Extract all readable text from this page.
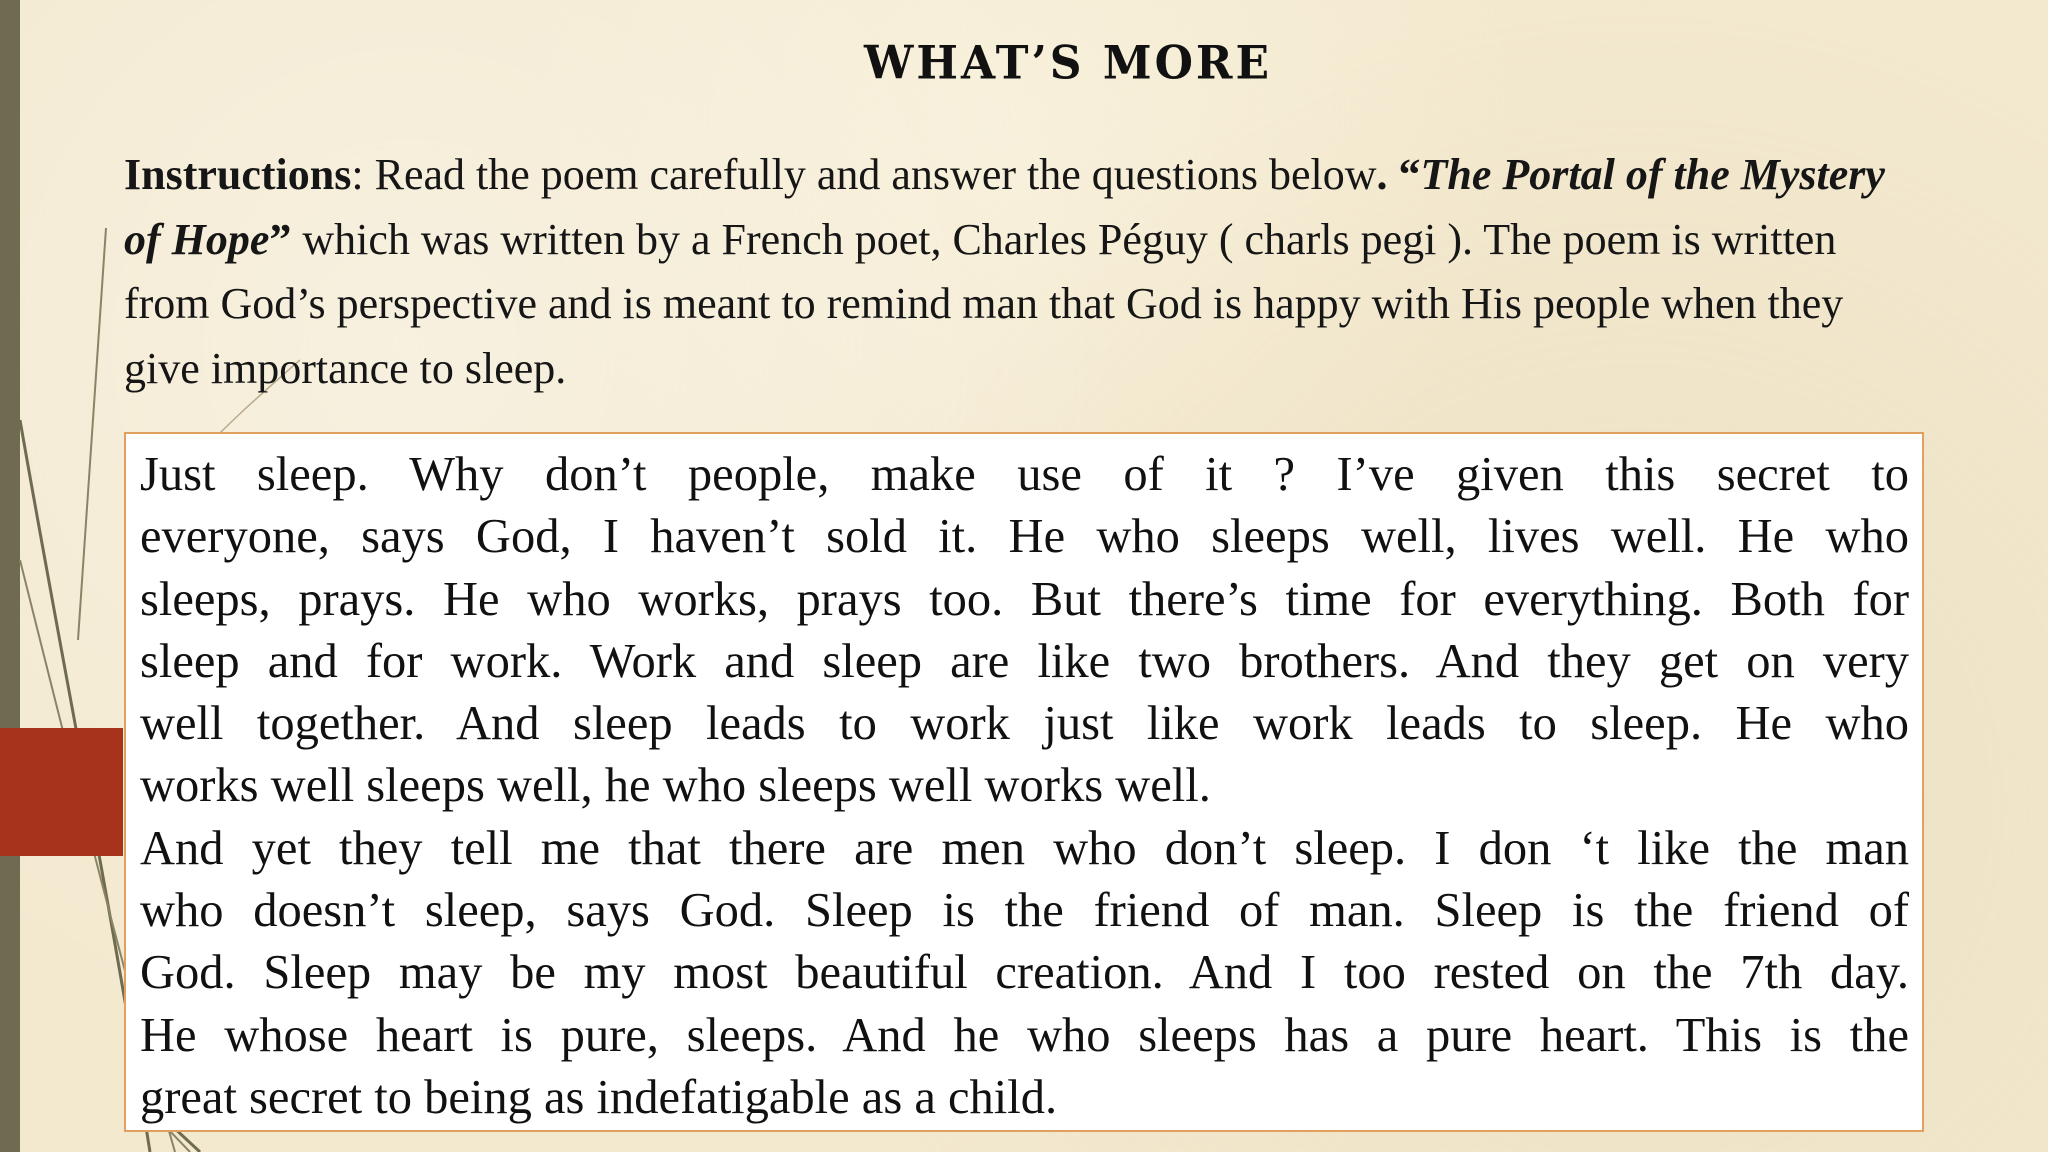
WHAT’S MORE
Instructions: Read the poem carefully and answer the questions below. “The Portal of the Mystery of Hope” which was written by a French poet, Charles Péguy ( charls pegi ). The poem is written from God’s perspective and is meant to remind man that God is happy with His people when they give importance to sleep.
Just sleep. Why don’t people, make use of it ? I’ve given this secret to
everyone, says God, I haven’t sold it. He who sleeps well, lives well. He who
sleeps, prays. He who works, prays too. But there’s time for everything. Both for
sleep and for work. Work and sleep are like two brothers. And they get on very
well together. And sleep leads to work just like work leads to sleep. He who
works well sleeps well, he who sleeps well works well.
And yet they tell me that there are men who don’t sleep. I don ‘t like the man
who doesn’t sleep, says God. Sleep is the friend of man. Sleep is the friend of
God. Sleep may be my most beautiful creation. And I too rested on the 7th day.
He whose heart is pure, sleeps. And he who sleeps has a pure heart. This is the
great secret to being as indefatigable as a child.
